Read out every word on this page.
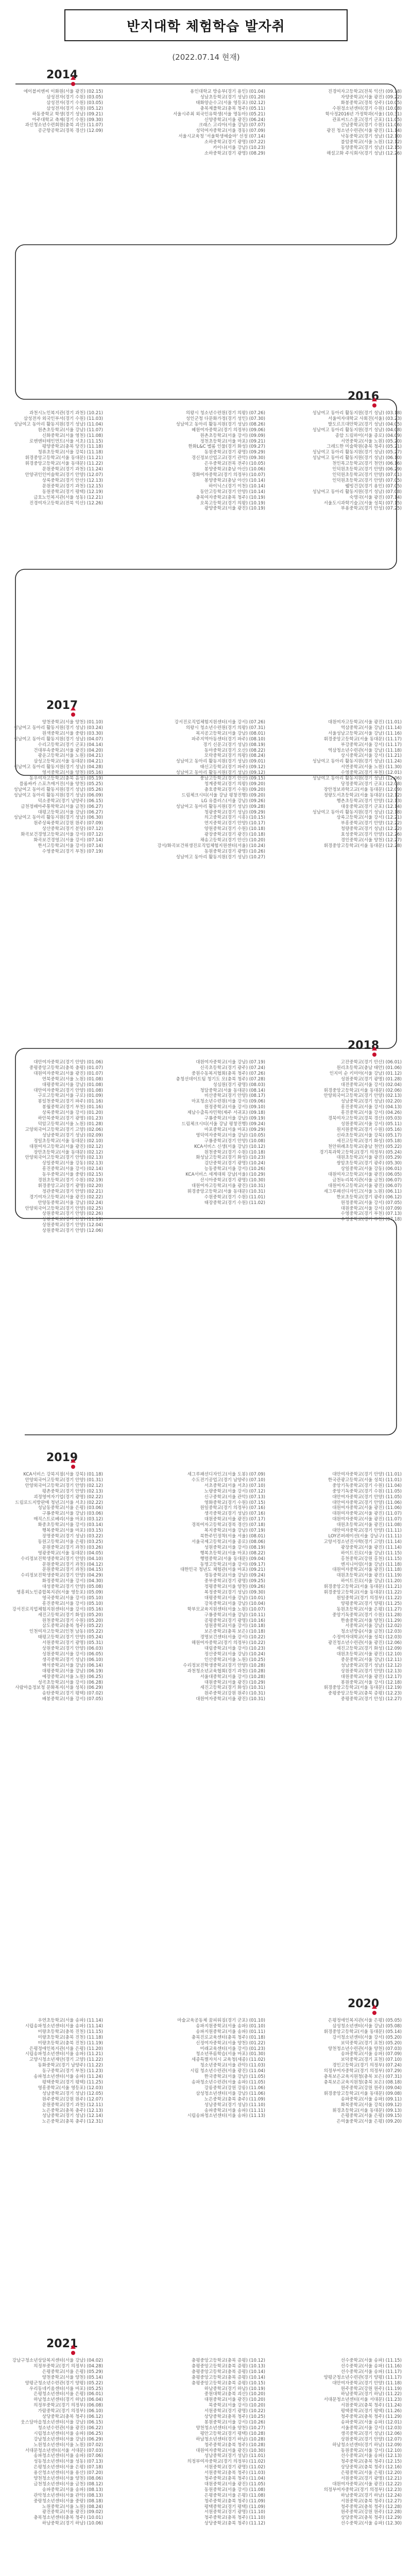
반지대학 체험학습 발자취
(2022.07.14 현재)
2014
에이블씨엔씨 이화원(서울 광진) (02.15)
삼성전자(경기 수원) (03.05)
삼성전자(경기 수원) (03.05)
삼성전자(경기 수원) (05.12)
하동중학교 학생(경기 성남) (09.21)
아주대학교 축제(경기 수원) (09.30)
과신청소년수련회원(충북 괴산) (11.07)
공군항공학교(경북 경산) (12.09)
용인대학교 방송부(경기 용인) (01.04)
성남초등학교(경기 성남) (01.20)
태화양순수고(서울 영등포) (02.12)
충북제풀학교(충북 청주) (05.11)
서울시주최 외국인유학생(서울 명동마) (05.21)
신양중학교(서울 광진) (06.24)
크래스 고리아(서울 강남) (07.07)
성덕여자중학교(서울 경동) (07.09)
서울시교육청 '서울학생예술마' 선정 (07.14)
소하중학교(경기 광명) (07.22)
카이나(서울 강남) (10.23)
소하중학교(경기 광명) (08.29)
진경여자고등학교(전북 익산) (09.18)
자양중학교(서울 광진) (09.22)
화봉중학교(경북 상주) (10.05)
수원정소년센터(경기 수원) (10.08)
학사정2016년 가정학과(서울) (10.31)
관표씨드스쿨고(경기 군포) (11.05)
산남중학교(경기 수원) (11.06)
광진 청소년수련관(서울 광진) (11.14)
낙동중학교(경기 성남) (12.10)
불암중학교(서울 노원) (12.12)
동양중학교(경기 성남) (12.15)
해설고화 주식회사(경기 성남) (12.26)
2016
과천시노인복지관(경기 과천) (10.21)
삼성전자 외국인부서(경기 수원) (11.03)
성남여고 동아리 활동지원(경기 성남) (11.04)
원촌초등학교(서울 강남) (11.07)
신화중학교(서울 영천) (11.08)
로엔엔터테인먼트(서울 서초) (11.15)
평양중학교(충북 당진) (11.18)
청류초등학교(서울 강북) (11.18)
휘경중앙고등학교(서울 동대문) (11.21)
휘경중앙고등학교(서울 동대문) (11.22)
문원중학교(경기 과천) (11.24)
안양귀인인미술학교(경기 안양) (12.07)
상록중학교(경기 안산) (12.13)
문원중학교(경기 과천) (12.15)
동원중학교(경기 평택) (12.19)
금호노인복지관(서울 성동) (12.21)
진경여자고등학교(전북 익산) (12.26)
의왕시 청소년수련원(경기 의왕) (07.26)
성인군청 다문화가정(경기 성인) (07.30)
성남여고 동아리 활동지원(경기 성남) (08.26)
혜원여자중학교(경기 의정부) (09.06)
원촌초등학교(서울 강서) (09.09)
정천초등학교(서울 마포) (09.21)
한화L&C 벨롬 인물(경기 화성) (09.27)
동원중학교(경기 광명) (09.29)
경신정보산업고교(경기 관악) (09.30)
은우중학교(전북 전주) (10.05)
봉양중학교(충남 아산) (10.06)
경화여자중학교(경기 의정부) (10.07)
봉양중학교(충남 아산) (10.14)
하이닉스(경기 이천) (10.14)
동안고등학교(경기 안양) (10.14)
충북여자중학교(충북 청주) (10.19)
오목고등학교(경기 의왕) (10.19)
광양중학교(서울 광진) (10.19)
성남여고 동아리 활동지원(경기 성남) (03.18)
서울여자대학교 사회진(서울) (03.23)
발도르프대안학교(경기 성남) (04.05)
성남여고 동아리 활동지원(경기 성남) (04.08)
종암 드림하이(서울 종로) (04.09)
서연중학교(서울 노원) (05.20)
그레드한 미술학원(충북 청주) (05.21)
성남여고 동아리 활동지원(경기 성남) (05.27)
성남여고 동아리 활동지원(경기 성남) (06.10)
천인목고등학교(경기 천안) (06.16)
인덕원초등학교(경기 안양) (06.29)
인덕원초등학교(경기 안양) (07.01)
인덕원초등학교(경기 안양) (07.05)
웰빙건강(경기 용인) (07.05)
성남여고 동아리 활동지원(경기 성남) (07.08)
숙명국(서울 광진) (07.14)
서울도시과학기술고(서울 성북) (07.15)
부용중학교(경기 안성) (07.25)
2017
양천중학교(서울 양천) (01.10)
성남여고 동아리 활동지원(경기 성남) (03.24)
원색중학교(서울 중랑) (03.30)
성남여고 동아리 활동지원(경기 성남) (04.07)
수리고등학교(경기 군포) (04.14)
건대부속중학교(서울 광진) (04.20)
광운고등학교(서울 노원) (04.21)
삼성고등학교(서울 동대문) (04.21)
성남여고 동아리 활동지원(경기 성남) (04.28)
영서중학교(서울 양천) (05.16)
동우여자고등학교(충북 음성) (05.19)
플롬싸카 스포츠매거진(서울 양천) (05.25)
성남여고 동아리 활동지원(경기 성남) (05.26)
성남여고 동아리 활동지원(경기 성남) (06.09)
덕소중학교(경기 남양주) (06.15)
금천정배아주통학학교(서울 금천) (06.27)
대평고등학교(서울 강남) (06.27)
성남여고 동아리 활동지원(경기 성남) (06.30)
원주상륙중학교(강원 원주) (07.09)
상산중학교(경기 분당) (07.12)
화곡보건경영고등학교(서울 강서) (07.12)
화곡보건경영고(서울 강서) (07.14)
한서고등학교(서울 강서) (07.14)
수영중학교(경기 부천) (07.19)
강서진로직업체험지원센터(서울 강서) (07.26)
의왕시 청소년수련원(경기 의왕) (07.31)
복지공고등학교(서울 강남) (08.01)
파주지역아동센터(경기 파주) (08.10)
경기 신문고(경기 성남) (08.19)
동마중학교(경기 오산) (08.22)
모락중학교(경기 의왕) (08.24)
성남여고 동아리 활동지원(경기 성남) (09.01)
태신고등학교(경기 파주) (09.12)
성남여고 동아리 활동지원(경기 성남) (09.12)
풍남고등학교(경기 안산) (09.15)
청계중학교(경기 의왕) (09.20)
충호중학교(경기 수원) (09.20)
드림체크시티(서울 강남 평창진행) (09.20)
LG 유플러스(서울 강남) (09.26)
성남여고 동아리 활동지원(경기 성남) (09.28)
청광중학교(경기 성남) (09.29)
의고중학교(경기 시흥) (10.15)
연지중학교(경기 안양) (10.17)
양원중학교(경기 수원) (10.18)
광장중학교(경기 광진) (10.18)
채송고등학교(경기 안산) (10.20)
강서/화곡보건위생진로직업체험지원센터(서울) (10.24)
동원중학교(경기 광명) (10.26)
성남여고 동아리 활동지원(경기 성남) (10.27)
대원여자고등학교(서울 광진) (11.01)
역삼중학교(서울 강남) (11.14)
서울성남고등학교(서울 강남) (11.16)
휘경중앙고등학교(서울 동대문) (11.17)
부강중학교(서울 강서) (11.17)
역삼청소년수련관(서울 강남) (11.18)
상시중학교(서울 강서) (11.21)
성남여고 동아리 활동지원(경기 성남) (11.24)
서연중학교(서울 노원) (11.30)
수영중학교(경기 부천) (12.01)
성남여고 동아리 활동지원(경기 성남) (12.06)
당정중학교(경기 군포) (12.08)
장안정보과학고교(서울 동대문) (12.09)
정량도서초등학교(서울 동대문) (12.12)
행촌초등학교(경기 안양) (12.13)
대웅중학교(경기 군포) (12.14)
성남여고 동아리 활동지원(경기 성남) (12.18)
상록고등학교(서울 강서) (12.21)
부흥중학교(경기 안양) (12.22)
청량중학교(경기 성남) (12.22)
효성중학교(경기 안양) (12.26)
경인중학교(서울 양천) (12.27)
휘경중앙고등학교(서울 동대문) (12.28)
2018
대안여자중학교(경기 안양) (01.06)
중평중앙고등학교(충북 충평) (01.07)
대원여자중학교(서울 광진) (01.07)
연북중학교(서울 노원) (01.08)
대평중학교(서울 강남) (01.08)
대안여자중학교(경기 안양) (01.08)
구로고등학교(서울 구로) (01.09)
봉일천중학교(경기 파주) (01.16)
봉월중학교(경기 부천) (01.16)
상록중학교(서울 강서) (01.20)
하안북중학교(경기 광명) (01.23)
덕암고등학교(서울 노원) (01.28)
고양외국어고등학교(경기 고양) (02.06)
성남중학교(경기 성남) (02.09)
정일초등학교(서울 동대문) (02.10)
대원여자고등학교(서울 광진) (02.12)
장안초등학교(서울 동대문) (02.12)
안양외국어고등학교(경기 안양) (02.13)
상일중학교(서울 강동) (02.13)
흥진중학교(서울 강서) (02.14)
동우중학교(서울 중랑) (02.15)
경원초등학교(경기 수원) (02.19)
휘경중앙고교(경기 광명) (02.20)
정관중학교(경기 안양) (02.21)
경기여자고등학교(서울 광진) (02.22)
안양동중학교(서울 강남) (02.24)
안양외국어고등학교(경기 안양) (02.25)
상원중학교(경기 안양) (02.26)
상원중학교(경기 안양) (11.19)
상원중학교(경기 안양) (12.04)
상원중학교(경기 안양) (12.06)
대원여자중학교(서울 강남) (07.19)
신곡초등학교(경기 광주) (07.24)
중원수동복지협회(충북 청주) (07.26)
충청선데이트팀 청기도 모(충북 청주) (07.28)
성심원(경기 광명) (08.03)
청담중학교(서울 동대문) (08.14)
비산중학교(경기 안양) (08.17)
마포청소년수련원(서울 강서) (09.06)
원정중학교(서울 강서) (09.10)
제남수출특자민학(제주 서귀포) (09.18)
구룡중학교(서울 강남) (09.19)
드림체크시티(서울 강남 평창진행) (09.24)
마포중학교(서울 마포) (09.29)
영덕여자중학교(서울 강남) (10.05)
구룡중학교(경기 안양) (10.08)
KCA서비스 신생(서울 강남) (10.12)
원천중학교(경기 수원) (10.18)
화성남고등학교(경기 화성) (10.23)
검단중학교(경기 광명) (10.24)
능동중학교(서울 강서) (10.26)
KCA서비스 세계대외 강남(서울) (10.29)
산시아중학교(경기 광명) (10.30)
대원여자고등학교(서울 광진) (10.31)
휘경중앙고등학교(서울 동대문) (10.31)
수원중학교(경기 수원) (11.01)
태장중학교(경기 수원) (11.02)
고잔중학교(경기 안산) (06.01)
원리초등학교(충남 태안) (01.06)
인지미 순 키미아(서울 강남) (01.12)
성원중학교(경기 광명) (01.28)
대전중학교(서울 강서) (02.04)
휘경중앙고등학교(서울 동대문) (02.06)
안양외국어고등학교(경기 안양) (02.13)
성남중학교(경기 성남) (02.20)
흥진중학교(서울 강서) (04.13)
흥진중학교(서울 강서) (04.26)
경북여자고등학교(경북 경산) (05.03)
성원중학교(서울 강서) (05.11)
원지원중학교(경기 수원) (05.16)
신라초등학교(서울 강북) (05.17)
세진고등학교(경기 화성) (05.18)
천안위례초등학교(충남 천안) (05.22)
경기북과학고등학교(경기 의정부) (05.24)
대원초등학교(서울 광진) (05.29)
쌍암초등학교(경기 광주) (05.30)
상일중학교(서울 강동) (06.01)
대원여자고등학교(서울 광진) (06.05)
금천누리복지관(서울 금천) (06.07)
대원여자고등학교(서울 광진) (06.07)
세그루패션디자인고(서울 노원) (06.11)
한보초등학교(경기 광주) (06.12)
원정중학교(서울 강서) (07.05)
대원중학교(서울 강서) (07.09)
수영중학교(경기 부천) (07.13)
수영중학교(경기 부천) (07.18)
2019
KCA서비스 강북지점(서울 강북) (01.18)
안양외국어고등학교(경기 안양) (01.31)
안양외국어고등학교(경기 안양) (02.12)
평촌중학교(경기 안양) (02.13)
괴정영여자기업(경기 광명) (02.22)
드림로드지방판매 청년고(서울 서초) (02.22)
성남동중학교(서울 은평) (03.06)
구룡중학교(서울 강남) (03.06)
매직스트로베리(서울 마포) (03.12)
화중초등학교(서울 강서) (03.14)
행복중학교(서울 마포) (03.15)
장명중학교(경기 성남) (03.22)
동원고등학교(서울 은평) (03.25)
문원중학교(경기 과천) (03.26)
영광중학교(서울 동대문) (04.05)
수리정보진학생중학교(경기 안양) (04.10)
문원중학교(경기 과천) (04.12)
문원중학교(경기 과천) (04.15)
수리정보진학생중학교(경기 안양) (04.29)
화정중학교(서울 강서) (04.30)
대성중학교(경기 안양) (05.08)
영흥외노인종합복지관(서울 영등포) (05.09)
영국중학교(서울 강서) (05.10)
흥진중학교(서울 강서) (05.10)
강서진로직업체험지원센터(서울 강서) (05.16)
세진고등학교(경기 화성) (05.20)
원천중학교(경기 수원) (05.20)
삼도중학교(충북 청주) (05.22)
인천여자고등학교(인천 남동) (05.22)
태평고등학교(경기 안양) (05.24)
서원중학교(경기 광명) (05.31)
상원중학교(경기 안양) (06.03)
성원중학교(서울 강서) (06.05)
생곡중학교(경기 성남) (06.10)
백석중학교(서울 강남) (06.14)
대평중학교(서울 강남) (06.19)
예장중학교(서울 노원) (06.25)
성곡초등학교(서울 강서) (06.28)
사람마을정보청 문화복지(서울 성북) (06.29)
송탄중학교(경기 평택) (07.02)
배봉중학교(서울 강서) (07.05)
세그루패션디자인고(서울 도봉) (07.09)
수도전기공업고(경기 남양주) (07.10)
서초중학교(서울 서초) (07.10)
노량중학교(서울 강서) (07.12)
신구중학교(서울 관악) (07.13)
영화중학교(경기 수원) (07.15)
원일중학교(경기 의정부) (07.16)
생곡중학교(경기 성남) (07.16)
대원중학교(서울 광진) (07.17)
경북여자고등학교(경북 경산) (07.18)
복지중학교(서울 강남) (07.19)
북한주민정착(서울 서울) (08.01)
서울국제고등학교(서울 종로) (08.06)
성원중학교(서울 강서) (08.19)
행복초등학교(서울 마포) (08.22)
행렬중학교(서울 동대문) (09.04)
동명고등학교(서울 강서) (09.17)
대한민국 청년도 체험관(서울 마포) (09.21)
정동중학교(서울 강남) (09.24)
중부중학교(경기 광명) (09.25)
정평중학교(서울 양천) (09.26)
복정중학교(경기 성남) (09.30)
대평중학교(서울 강남) (10.01)
강북중학교(서울 강남) (10.04)
학부모교육지원센터(서울 노원) (10.07)
구룡중학교(서울 강남) (10.11)
공평중학교(경기 광명) (10.16)
성원중학교(서울 강서) (10.18)
보은중학교(충북 보은) (10.18)
경명보건센터(서울 강서) (10.22)
해원여자중학교(경기 의정부) (10.22)
대림중학교(서울 강서) (10.23)
정산중학교(서울 강남) (10.24)
인산중학교(서울 노원) (10.25)
수리정보진학생중학교(경기 안양) (10.28)
과천청소년교육협회(경기 과천) (10.28)
서울대중학교(서울 강서) (10.28)
대원중학교(서울 광진) (10.29)
세진고등학교(경기 화성) (10.31)
원주중학교(강원 원주) (10.31)
대원여자중학교(서울 광진) (10.31)
대안여자중학교(경기 안양) (11.01)
한국관광고등학교(서울 성북) (11.01)
중앙기독중학교(경기 수원) (11.04)
중앙기독중학교(경기 수원) (11.05)
대안여자중학교(경기 안양) (11.05)
대안여자중학교(경기 안양) (11.06)
대원여자중학교(서울 광진) (11.06)
대원여자중학교(서울 광진) (11.07)
대원여자중학교(서울 광진) (11.07)
대원초등학교(서울 광진) (11.08)
대안여자중학교(경기 안양) (11.11)
LOY콘퍼레이션(서울 강남구) (11.11)
고양서정소년진사학(경기 고양) (11.14)
광장중학교(서울 광진) (11.14)
하이트진로(서울 강남) (11.15)
홍천중학교(강원 홍천) (11.15)
엔지니어링(서울 강남) (11.18)
대원여자중학교(서울 광진) (11.18)
대원초등학교(서울 광진) (11.19)
하이트진로(서울 강남) (11.20)
휘경중앙고등학교(서울 동대문) (11.21)
휘경중앙고등학교(서울 동대문) (11.22)
원일중학교(경기 의정부) (11.22)
양평중학교(경기 양평) (11.25)
동원초등학교(서울 은평) (11.27)
중앙기독중학교(경기 수원) (11.28)
한솔중학교(서울 양천) (11.29)
서중학교(서울 강남) (12.02)
청소년방송(서울 금천) (12.03)
수정여자대학교(서울 성북) (12.03)
광진청소년수련관(서울 광진) (12.06)
세진고등학교(경기 화성) (12.09)
대원초등학교(서울 광진) (12.10)
중문중학교(서울 강남) (12.11)
성남중학교(경기 성남) (12.12)
상원중학교(경기 안양) (12.13)
대원중학교(서울 광진) (12.17)
봉원중학교(서울 강서) (12.18)
휘경중앙고등학교(서울 동대문) (12.19)
중평중앙고등학교(충북 증평) (12.23)
중평중학교(경기 안성) (12.27)
2020
우연초등학교(서울 송파) (11.14)
시립송파청소년센터(서울 송파) (11.14)
미량초등학교(충북 진천) (11.15)
미량초등학교(충북 진천) (11.18)
미량초등학교(충북 진천) (11.19)
은평정애인복지관(서울 은평) (11.20)
시립송파청소년센터(서울 송파) (11.21)
고양시청소년재단(경기 고양) (11.22)
동화중학교(경기 남양주) (11.22)
동구중학교(경기 부천) (11.23)
송파청소년센터(서울 송파) (11.24)
평택중학교(경기 평택) (11.25)
영흥중학교(서울 영등포) (12.03)
성남중학교(경기 성남) (12.05)
원주중학교(강원 원주) (12.07)
문원중학교(경기 과천) (12.11)
노은중학교(충북 충주) (12.13)
성남중학교(경기 성남) (12.14)
노은중학교(충북 충주) (12.31)
마술교육공동체 꿈피워짐(경기 군포) (01.10)
송파지원중학교(서울 송파) (01.10)
송파지원중학교(서울 송파) (01.11)
충북진로교육센터(충북 청주) (01.18)
신정여자중학교(서울 양천) (01.22)
미래교육센터(서울 강서) (01.23)
청소년푸름학습(서울 마포) (01.30)
세종특별자치시 교육청(세종) (11.02)
청소년중학교(서울 관악) (11.03)
시립 청소년수련관(서울 광진) (11.04)
한국중학교(서울 강남) (11.05)
송파청소년수련관(서울 송파) (11.05)
강릉중학교(강원 강릉) (11.06)
삼성청소년센터(서울 강남) (11.06)
노은중학교(충북 충주) (11.09)
성남중학교(경기 성남) (11.10)
송파중학교(서울 송파) (11.11)
시립송파청소년센터(서울 송파) (11.13)
은평정애인복지관(서울 은평) (05.05)
삼성청소년센터(서울 강남) (05.08)
휘경중앙고등학교(서울 동대문) (05.14)
강서청소년센터(서울 강서) (05.20)
보덕중학교(경기 포천) (05.20)
양천청소년수련관(서울 양천) (07.03)
송파중학교(서울 송파) (07.09)
보덕중학교(경기 포천) (07.10)
경인고등학교(경기 의정부) (07.24)
의정부여자중학교(경기 의정부) (07.29)
충북보은교육지원청(충북 보은) (07.31)
충북보은교육지원청(충북 보은) (08.18)
원주중학교(강원 원주) (09.04)
휘경중앙고등학교(서울 동대문) (09.08)
송파중학교(서울 송파) (09.11)
화북중학교(서울 강북) (09.12)
휘경초등학교(서울 동대문) (09.13)
은평중학교(서울 은평) (09.15)
은여울중학교(서울 은평) (09.20)
2021
강남구청소년상담복지센터(서울 강남) (04.02)
의정부중학교(경기 의정부) (04.28)
은평중학교(서울 은평) (05.29)
양천중학교(서울 양천) (05.14)
양평군청소년수련관(경기 양평) (05.22)
우리동네키움센터(서울 마포) (05.25)
은평청소년센터(서울 은평) (06.01)
하남청소년센터(경기 하남) (06.04)
의정부중학교(경기 의정부) (06.08)
가람중학교(경기 의정부) (06.10)
상당중학교(충북 청주) (06.12)
웃스담마을청소년센터(서울 강남) (06.15)
청소년수련관(서울 광진) (06.22)
시립청소년센터(서울 송파) (06.25)
강남청소년센터(서울 강남) (06.29)
노원청소년센터(서울 노원) (07.02)
서대문청소년센터(서울 서대문) (07.03)
송파청소년센터(서울 송파) (07.06)
성동청소년센터(서울 성동) (07.13)
은평청소년센터(서울 은평) (07.18)
용산청소년센터(서울 용산) (07.20)
양천청소년센터(서울 양천) (08.06)
금천청소년센터(서울 금천) (08.12)
송파중학교(서울 송파) (08.13)
관악청소년센터(서울 관악) (08.13)
중랑청소년센터(서울 중랑) (08.18)
노원중학교(서울 노원) (08.24)
광진중학교(서울 광진) (09.02)
충북청소년센터(충북 청주) (10.01)
하남중학교(경기 하남) (10.06)
충평중앙고등학교(충북 증평) (10.12)
충평중앙고등학교(충북 증평) (10.13)
충평중앙고등학교(충북 증평) (10.14)
충평중앙고등학교(충북 증평) (10.14)
충평중앙고등학교(충북 증평) (10.15)
하남중학교(경기 하남) (10.19)
중원대학교(충북 괴산) (10.20)
대원중학교(서울 광진) (10.20)
북중학교(서울 강서) (10.20)
서원중학교(경기 광명) (10.22)
상당중학교(충북 청주) (10.25)
봉원중학교(서울 강서) (10.26)
양천청소년센터(서울 양천) (10.27)
평안고등학교(경기 평택) (10.28)
하남청소년센터(경기 하남) (10.28)
청주중학교(충북 청주) (10.28)
대원여자중학교(서울 광진) (10.30)
성남중학교(경기 성남) (11.01)
의정부여자중학교(경기 의정부) (11.02)
서원중학교(경기 광명) (11.02)
서원중학교(충북 청주) (11.03)
청주중학교(충북 청주) (11.04)
대원중학교(서울 광진) (11.05)
동원중학교(서울 강서) (11.08)
은평중학교(서울 은평) (11.08)
청주중학교(충북 청주) (11.09)
평택중학교(경기 평택) (11.09)
서원중학교(경기 광명) (11.10)
청주중학교(충북 청주) (11.10)
상당중학교(충북 청주) (11.12)
선수중학교(서울 송파) (11.15)
선수중학교(서울 송파) (11.16)
선수중학교(서울 송파) (11.17)
양평군청소년수련관(경기 양평) (11.17)
대안여자중학교(경기 안양) (11.18)
원주중학교(강원 원주) (11.19)
하남중학교(경기 하남) (11.22)
서대문청소년센터(서울 서대문) (11.23)
서원중학교(충북 청주) (11.24)
평택중학교(경기 평택) (11.26)
청주중학교(충북 청주) (11.29)
송파중학교(서울 송파) (12.01)
서울중학교(서울 강서) (12.03)
생곡중학교(경기 성남) (12.06)
상원중학교(경기 안양) (12.07)
하남청소년센터(경기 하남) (12.09)
동원중학교(서울 강서) (12.10)
선수중학교(서울 송파) (12.13)
청주중학교(충북 청주) (12.15)
상당중학교(충북 청주) (12.16)
은평중학교(서울 은평) (12.20)
서원중학교(경기 광명) (12.21)
대원여자중학교(서울 광진) (12.22)
의정부여자중학교(경기 의정부) (12.23)
하남중학교(경기 하남) (12.24)
서원중학교(충북 청주) (12.27)
청주중학교(충북 청주) (12.28)
원주중학교(강원 원주) (12.28)
상당중학교(충북 청주) (12.29)
선수중학교(서울 송파) (12.30)
